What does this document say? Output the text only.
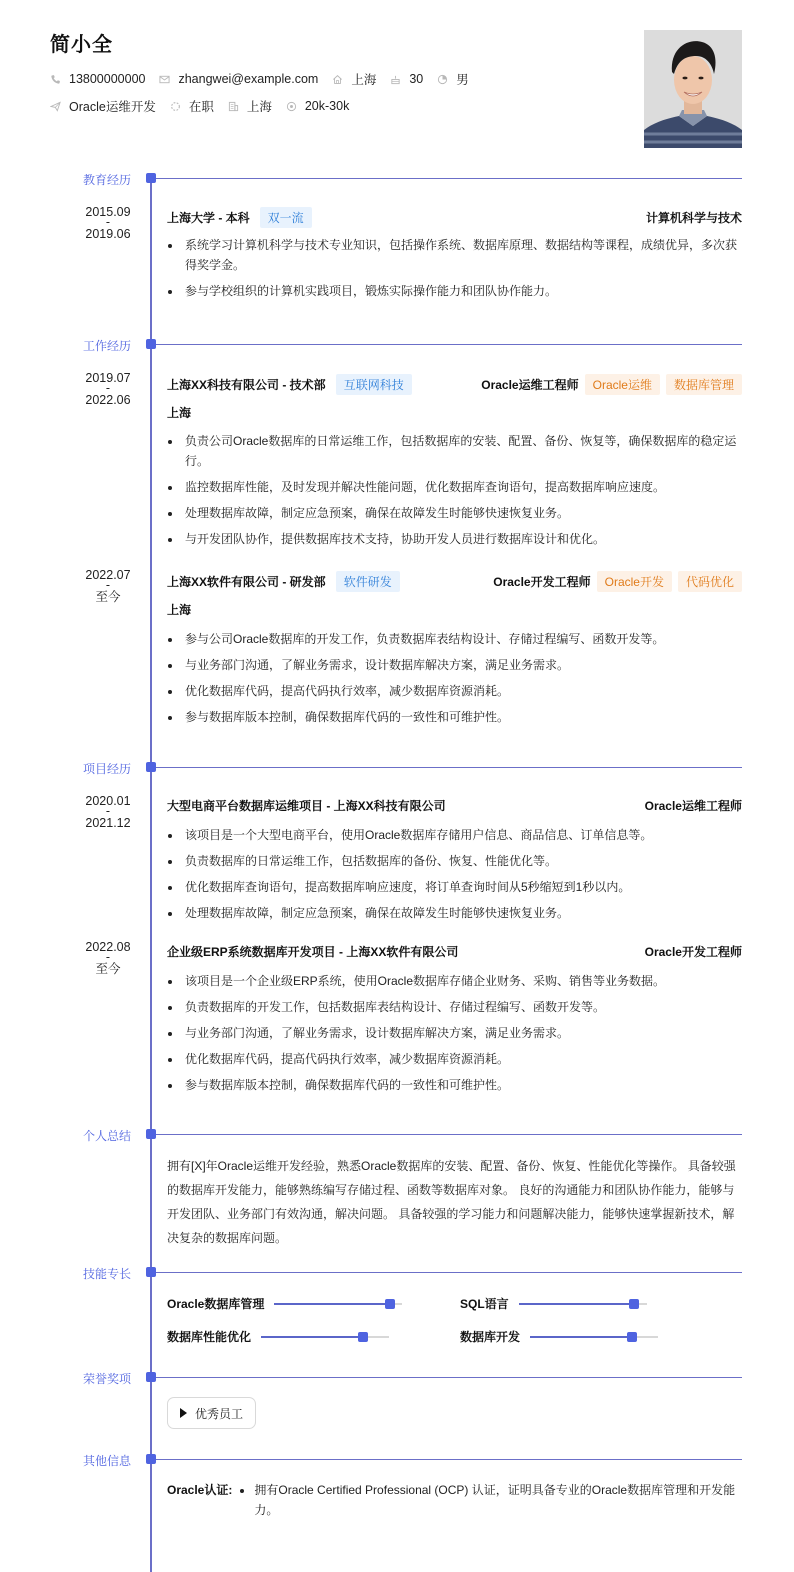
简小全
13800000000	zhangwei@example.com	上海	30	男
Oracle运维开发	在职	上海	20k-30k
教育经历
2015.09
-
2019.06
上海大学 - 本科	双一流	计算机科学与技术
系统学习计算机科学与技术专业知识，包括操作系统、数据库原理、数据结构等课程，成绩优异，多次获得奖学金。
参与学校组织的计算机实践项目，锻炼实际操作能力和团队协作能力。
工作经历
2019.07
-
2022.06
上海XX科技有限公司 - 技术部	互联网科技	Oracle运维工程师	Oracle运维	数据库管理
上海
负责公司Oracle数据库的日常运维工作，包括数据库的安装、配置、备份、恢复等，确保数据库的稳定运行。
监控数据库性能，及时发现并解决性能问题，优化数据库查询语句，提高数据库响应速度。
处理数据库故障，制定应急预案，确保在故障发生时能够快速恢复业务。
与开发团队协作，提供数据库技术支持，协助开发人员进行数据库设计和优化。
2022.07
-
至今
上海XX软件有限公司 - 研发部	软件研发	Oracle开发工程师	Oracle开发	代码优化
上海
参与公司Oracle数据库的开发工作，负责数据库表结构设计、存储过程编写、函数开发等。
与业务部门沟通，了解业务需求，设计数据库解决方案，满足业务需求。
优化数据库代码，提高代码执行效率，减少数据库资源消耗。
参与数据库版本控制，确保数据库代码的一致性和可维护性。
项目经历
2020.01
-
2021.12
大型电商平台数据库运维项目 - 上海XX科技有限公司	Oracle运维工程师
该项目是一个大型电商平台，使用Oracle数据库存储用户信息、商品信息、订单信息等。
负责数据库的日常运维工作，包括数据库的备份、恢复、性能优化等。
优化数据库查询语句，提高数据库响应速度，将订单查询时间从5秒缩短到1秒以内。
处理数据库故障，制定应急预案，确保在故障发生时能够快速恢复业务。
2022.08
-
至今
企业级ERP系统数据库开发项目 - 上海XX软件有限公司	Oracle开发工程师
该项目是一个企业级ERP系统，使用Oracle数据库存储企业财务、采购、销售等业务数据。
负责数据库的开发工作，包括数据库表结构设计、存储过程编写、函数开发等。
与业务部门沟通，了解业务需求，设计数据库解决方案，满足业务需求。
优化数据库代码，提高代码执行效率，减少数据库资源消耗。
参与数据库版本控制，确保数据库代码的一致性和可维护性。
个人总结
拥有[X]年Oracle运维开发经验，熟悉Oracle数据库的安装、配置、备份、恢复、性能优化等操作。 具备较强的数据库开发能力，能够熟练编写存储过程、函数等数据库对象。 良好的沟通能力和团队协作能力，能够与开发团队、业务部门有效沟通，解决问题。 具备较强的学习能力和问题解决能力，能够快速掌握新技术，解决复杂的数据库问题。
技能专长
Oracle数据库管理	SQL语言
数据库性能优化	数据库开发
荣誉奖项
优秀员工
其他信息
Oracle认证:	拥有Oracle Certified Professional (OCP) 认证，证明具备专业的Oracle数据库管理和开发能力。
